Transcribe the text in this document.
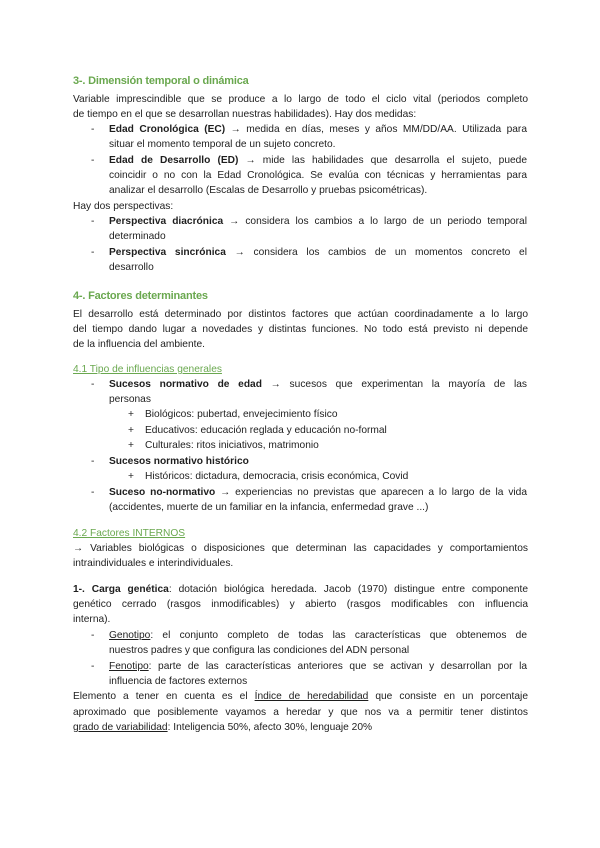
3-. Dimensión temporal o dinámica
Variable imprescindible que se produce a lo largo de todo el ciclo vital (periodos completo
de tiempo en el que se desarrollan nuestras habilidades). Hay dos medidas:
- Edad Cronológica (EC) → medida en días, meses y años MM/DD/AA. Utilizada para
situar el momento temporal de un sujeto concreto.
- Edad de Desarrollo (ED) → mide las habilidades que desarrolla el sujeto, puede
coincidir o no con la Edad Cronológica. Se evalúa con técnicas y herramientas para
analizar el desarrollo (Escalas de Desarrollo y pruebas psicométricas).
Hay dos perspectivas:
- Perspectiva diacrónica → considera los cambios a lo largo de un periodo temporal
determinado
- Perspectiva sincrónica → considera los cambios de un momentos concreto el
desarrollo
4-. Factores determinantes
El desarrollo está determinado por distintos factores que actúan coordinadamente a lo largo
del tiempo dando lugar a novedades y distintas funciones. No todo está previsto ni depende
de la influencia del ambiente.
4.1 Tipo de influencias generales
- Sucesos normativo de edad → sucesos que experimentan la mayoría de las
personas
+ Biológicos: pubertad, envejecimiento físico
+ Educativos: educación reglada y educación no-formal
+ Culturales: ritos iniciativos, matrimonio
- Sucesos normativo histórico
+ Históricos: dictadura, democracia, crisis económica, Covid
- Suceso no-normativo → experiencias no previstas que aparecen a lo largo de la vida
(accidentes, muerte de un familiar en la infancia, enfermedad grave ...)
4.2 Factores INTERNOS
→ Variables biológicas o disposiciones que determinan las capacidades y comportamientos
intraindividuales e interindividuales.
1-. Carga genética: dotación biológica heredada. Jacob (1970) distingue entre componente
genético cerrado (rasgos inmodificables) y abierto (rasgos modificables con influencia
interna).
- Genotipo: el conjunto completo de todas las características que obtenemos de
nuestros padres y que configura las condiciones del ADN personal
- Fenotipo: parte de las características anteriores que se activan y desarrollan por la
influencia de factores externos
Elemento a tener en cuenta es el Índice de heredabilidad que consiste en un porcentaje
aproximado que posiblemente vayamos a heredar y que nos va a permitir tener distintos
grado de variabilidad: Inteligencia 50%, afecto 30%, lenguaje 20%
